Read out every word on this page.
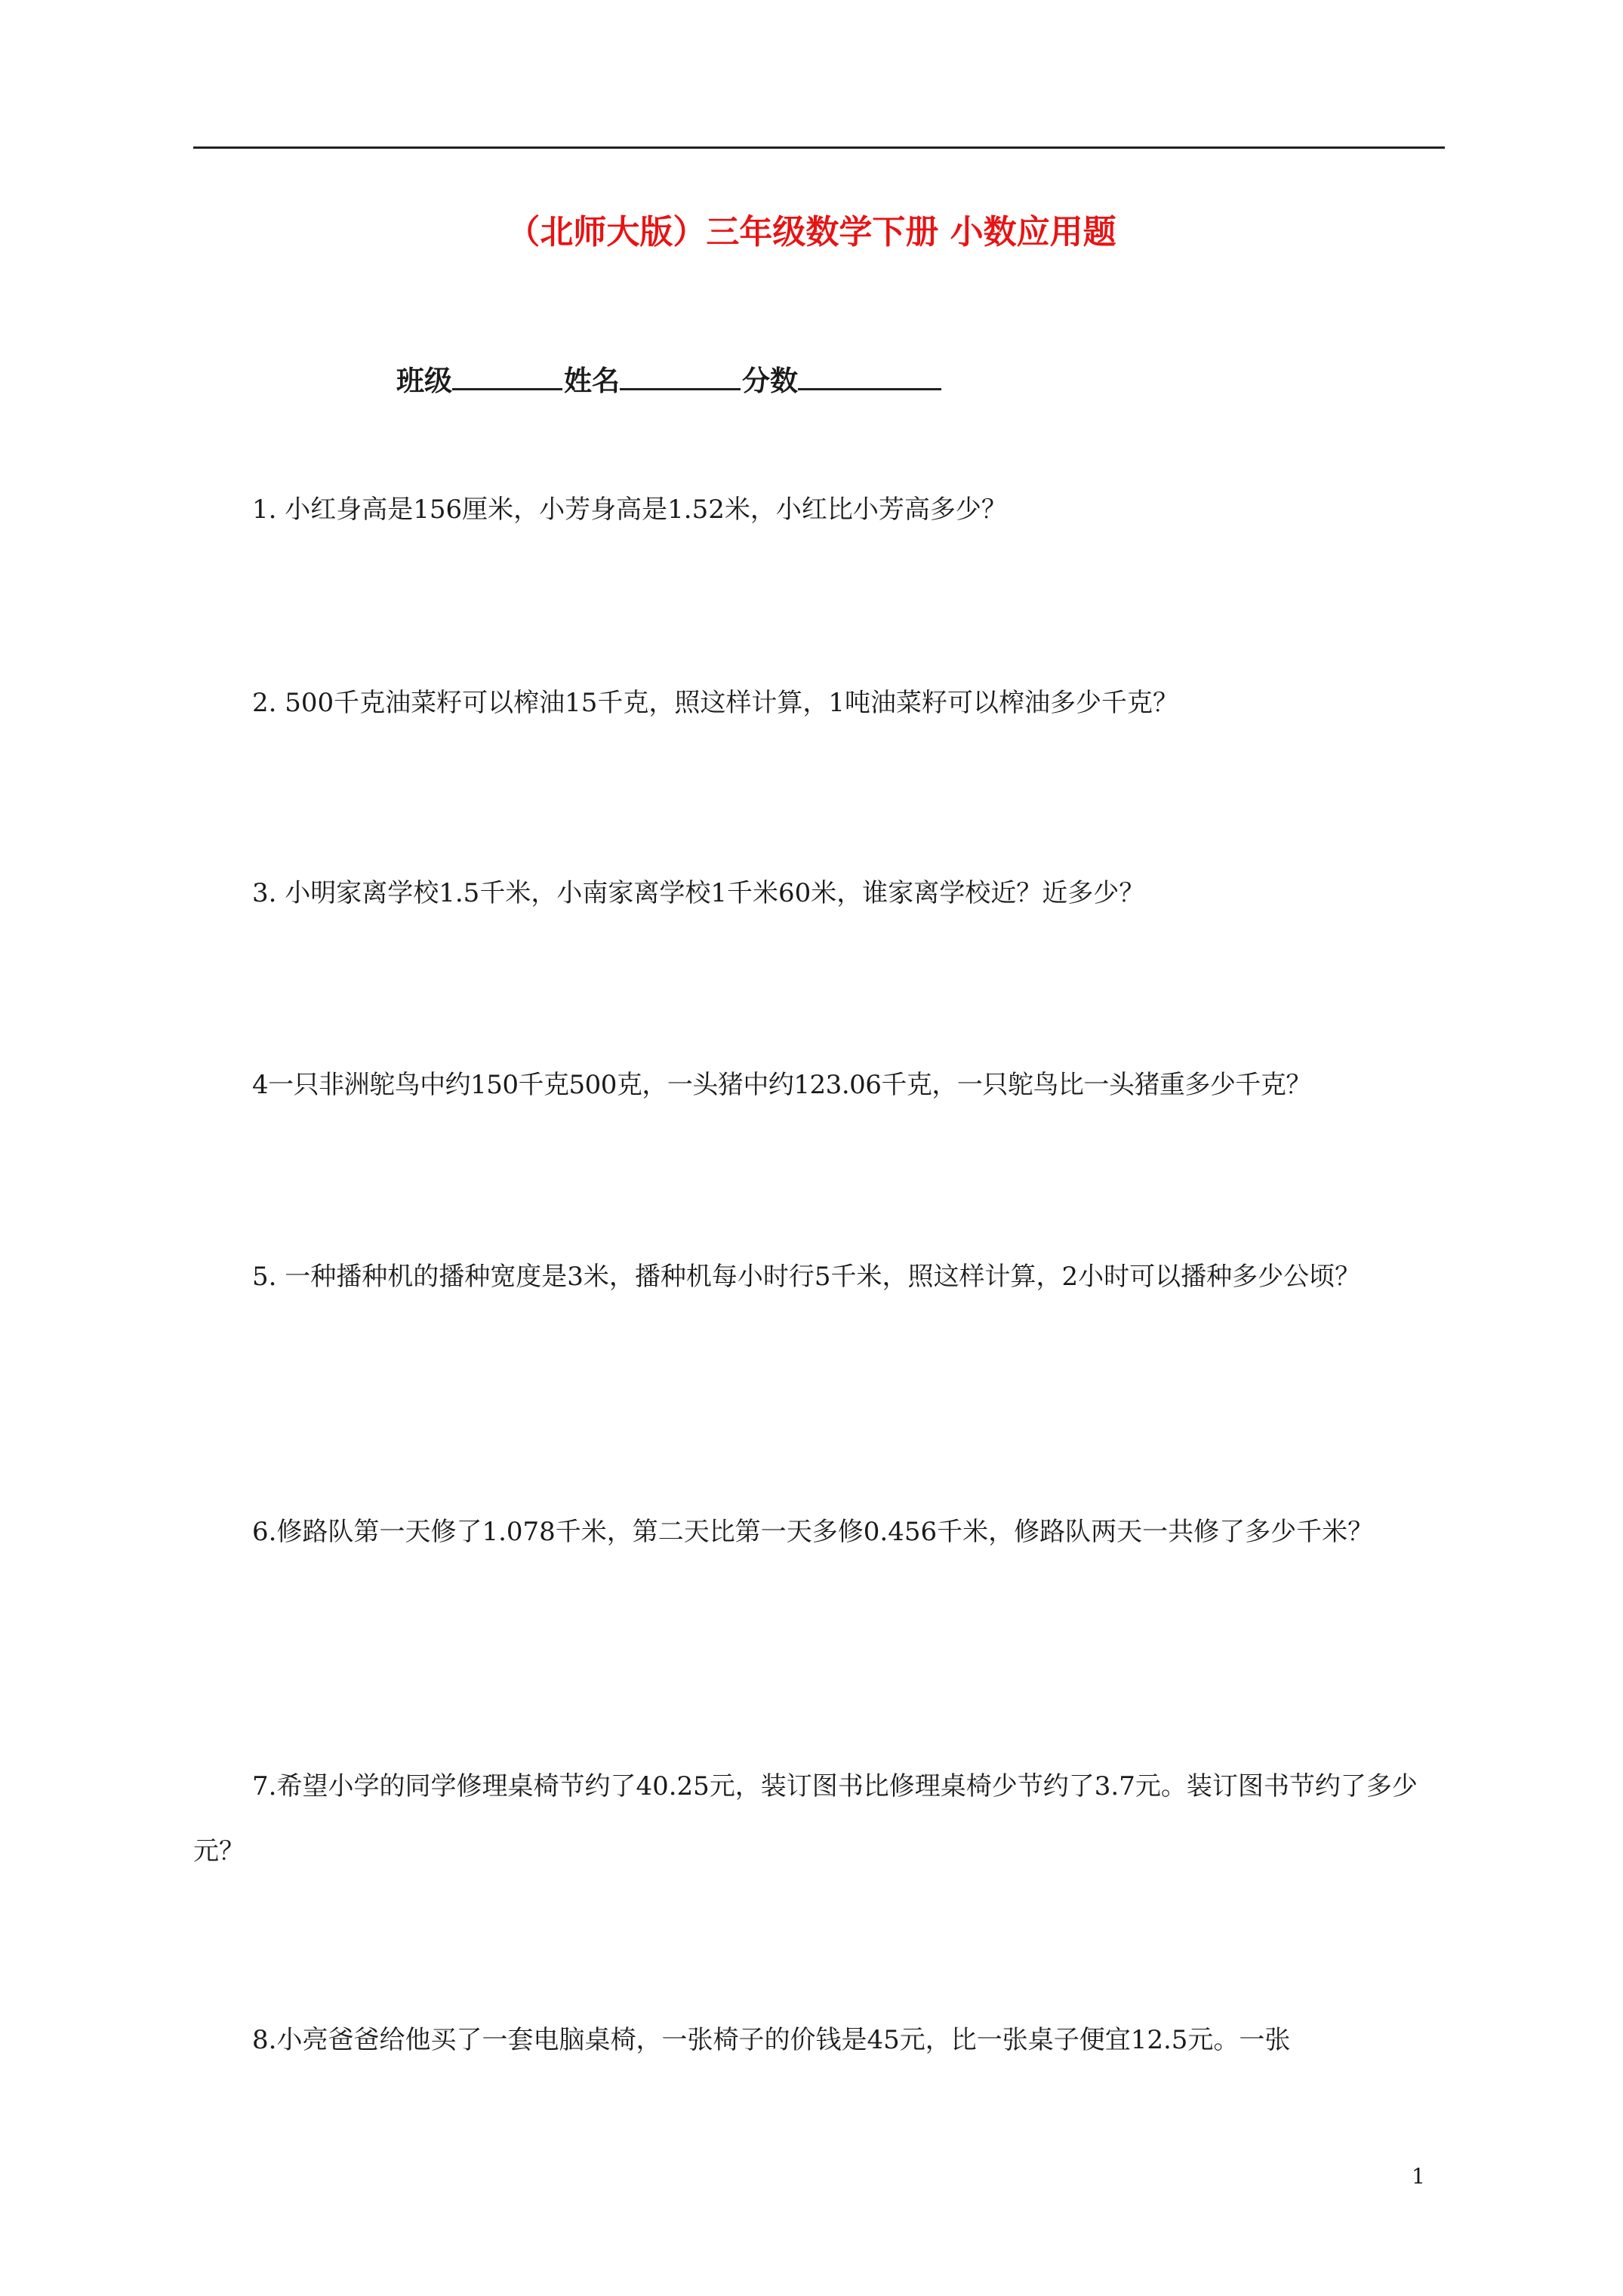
（北师大版）三年级数学下册 小数应用题
班级	姓名	分数

1. 小红身高是156厘米，小芳身高是1.52米，小红比小芳高多少？

2. 500千克油菜籽可以榨油15千克，照这样计算，1吨油菜籽可以榨油多少千克？

3. 小明家离学校1.5千米，小南家离学校1千米60米，谁家离学校近？近多少？

4一只非洲鸵鸟中约150千克500克，一头猪中约123.06千克，一只鸵鸟比一头猪重多少千克？

5. 一种播种机的播种宽度是3米，播种机每小时行5千米，照这样计算，2小时可以播种多少公顷？

6.修路队第一天修了1.078千米，第二天比第一天多修0.456千米，修路队两天一共修了多少千米？

7.希望小学的同学修理桌椅节约了40.25元，装订图书比修理桌椅少节约了3.7元。装订图书节约了多少元？

8.小亮爸爸给他买了一套电脑桌椅，一张椅子的价钱是45元，比一张桌子便宜12.5元。一张

1
